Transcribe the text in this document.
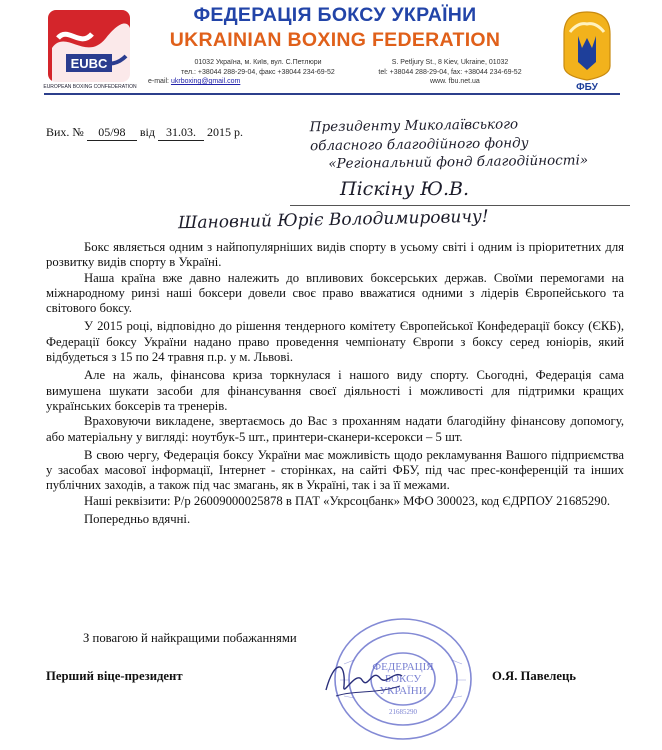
EUBC
EUROPEAN BOXING CONFEDERATION
ФЕДЕРАЦІЯ БОКСУ УКРАЇНИ
UKRAINIAN BOXING FEDERATION
01032 Україна, м. Київ, вул. С.Петлюри
тел.: +38044 288-29-04, факс +38044 234-69-52
S. Petljury St., 8 Kiev, Ukraine, 01032
tel: +38044 288-29-04, fax: +38044 234-69-52
e-mail: ukrboxing@gmail.com	www. fbu.net.ua
ФБУ
Вих. № 05/98 від 31.03. 2015 р.	Президенту Миколаївського
обласного благодійного фонду
«Регіональний фонд благодійності»
Піскіну Ю.В.
Шановний Юріє Володимировичу!

Бокс являється одним з найпопулярніших видів спорту в усьому світі і одним із пріоритетних для розвитку видів спорту в Україні.

Наша країна вже давно належить до впливових боксерських держав. Своїми перемогами на міжнародному ринзі наші боксери довели своє право вважатися одними з лідерів Європейського та світового боксу.

У 2015 році, відповідно до рішення тендерного комітету Європейської Конфедерації боксу (ЄКБ), Федерації боксу України надано право проведення чемпіонату Європи з боксу серед юніорів, який відбудеться з 15 по 24 травня п.р. у м. Львові.

Але на жаль, фінансова криза торкнулася і нашого виду спорту. Сьогодні, Федерація сама вимушена шукати засоби для фінансування своєї діяльності і можливості для підтримки кращих українських боксерів та тренерів.

Враховуючи викладене, звертаємось до Вас з проханням надати благодійну фінансову допомогу, або матеріальну у вигляді: ноутбук-5 шт., принтери-сканери-ксерокси – 5 шт.

В свою чергу, Федерація боксу України має можливість щодо рекламування Вашого підприємства у засобах масової інформації, Інтернет - сторінках, на сайті ФБУ, під час прес-конференцій та інших публічних заходів, а також під час змагань, як в Україні, так і за її межами.

Наші реквізити: Р/р 26009000025878 в ПАТ «Укрсоцбанк» МФО 300023, код ЄДРПОУ 21685290.

Попередньо вдячні.

З повагою й найкращими побажаннями
ФЕДЕРАЦІЯ
БОКСУ
УКРАЇНИ
21685290
Перший віце-президент	О.Я. Павелець
